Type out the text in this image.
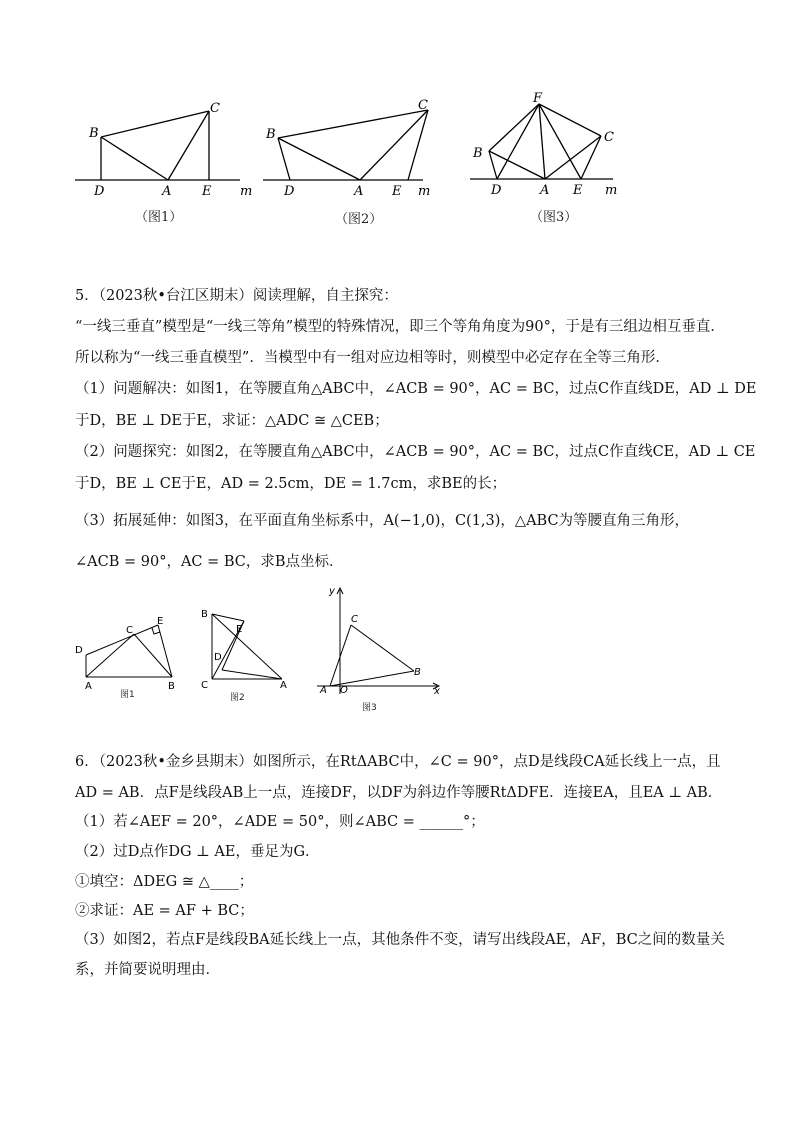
B
C
D	A E m
（图1）
B
C
D	A E m
（图2）
F
B
C
D	A E m
（图3）
5．（2023秋•台江区期末）阅读理解，自主探究：
“一线三垂直”模型是“一线三等角”模型的特殊情况，即三个等角角度为90°，于是有三组边相互垂直．
所以称为“一线三垂直模型”．当模型中有一组对应边相等时，则模型中必定存在全等三角形．
（1）问题解决：如图1，在等腰直角△ABC中，∠ACB = 90°，AC = BC，过点C作直线DE，AD ⊥ DE
于D，BE ⊥ DE于E，求证：△ADC ≅ △CEB；
（2）问题探究：如图2，在等腰直角△ABC中，∠ACB = 90°，AC = BC，过点C作直线CE，AD ⊥ CE
于D，BE ⊥ CE于E，AD = 2.5cm，DE = 1.7cm，求BE的长；
（3）拓展延伸：如图3，在平面直角坐标系中，A(−1,0)，C(1,3)，△ABC为等腰直角三角形，
∠ACB = 90°，AC = BC，求B点坐标．
C
E
D
A	B
图1
B
E
D
C	A
图2
y
C
B
A O	x
图3
6．（2023秋•金乡县期末）如图所示，在RtΔABC中，∠C = 90°，点D是线段CA延长线上一点，且
AD = AB．点F是线段AB上一点，连接DF，以DF为斜边作等腰RtΔDFE．连接EA，且EA ⊥ AB．
（1）若∠AEF = 20°，∠ADE = 50°，则∠ABC = ______°；
（2）过D点作DG ⊥ AE，垂足为G．
①填空：ΔDEG ≅ △____；
②求证：AE = AF + BC；
（3）如图2，若点F是线段BA延长线上一点，其他条件不变，请写出线段AE，AF，BC之间的数量关
系，并简要说明理由．
